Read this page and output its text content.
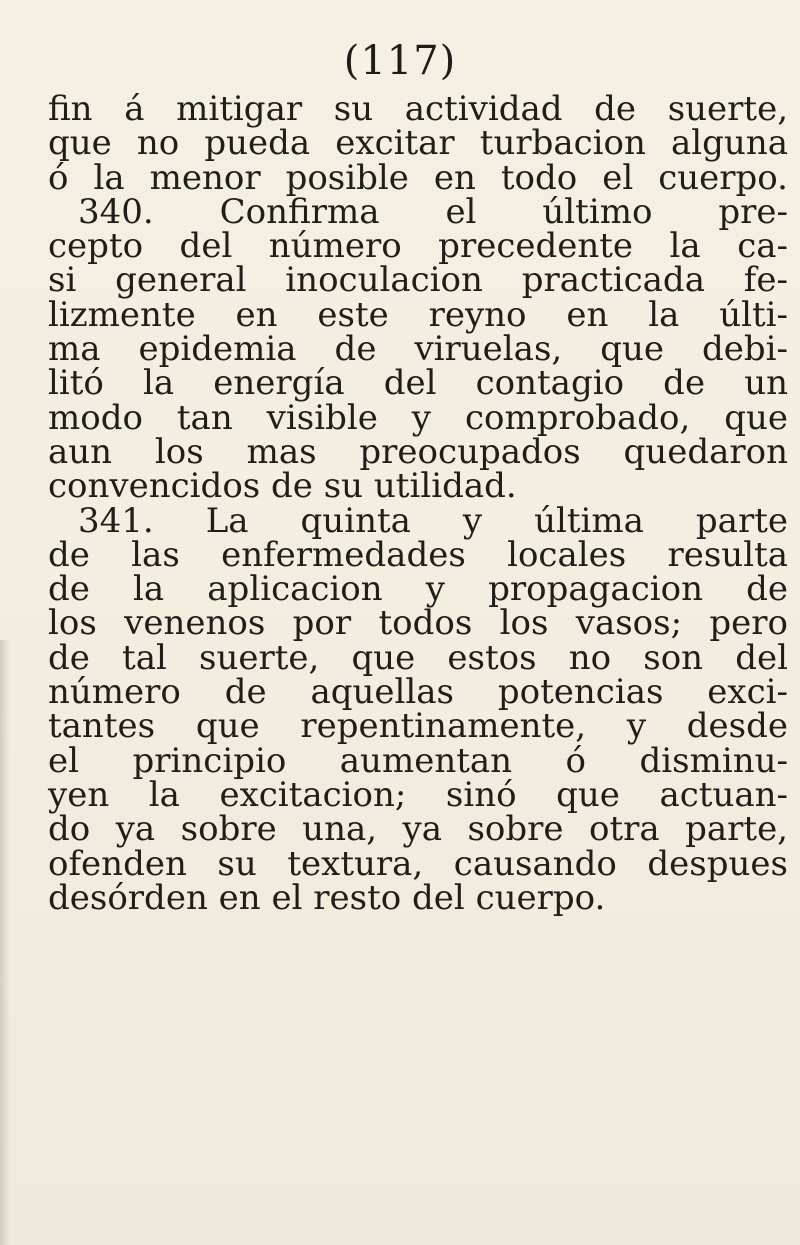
(117)
fin á mitigar su actividad de suerte,
que no pueda excitar turbacion alguna
ó la menor posible en todo el cuerpo.
340. Confirma el último pre-
cepto del número precedente la ca-
si general inoculacion practicada fe-
lizmente en este reyno en la últi-
ma epidemia de viruelas, que debi-
litó la energía del contagio de un
modo tan visible y comprobado, que
aun los mas preocupados quedaron
convencidos de su utilidad.
341. La quinta y última parte
de las enfermedades locales resulta
de la aplicacion y propagacion de
los venenos por todos los vasos; pero
de tal suerte, que estos no son del
número de aquellas potencias exci-
tantes que repentinamente, y desde
el principio aumentan ó disminu-
yen la excitacion; sinó que actuan-
do ya sobre una, ya sobre otra parte,
ofenden su textura, causando despues
desórden en el resto del cuerpo.
